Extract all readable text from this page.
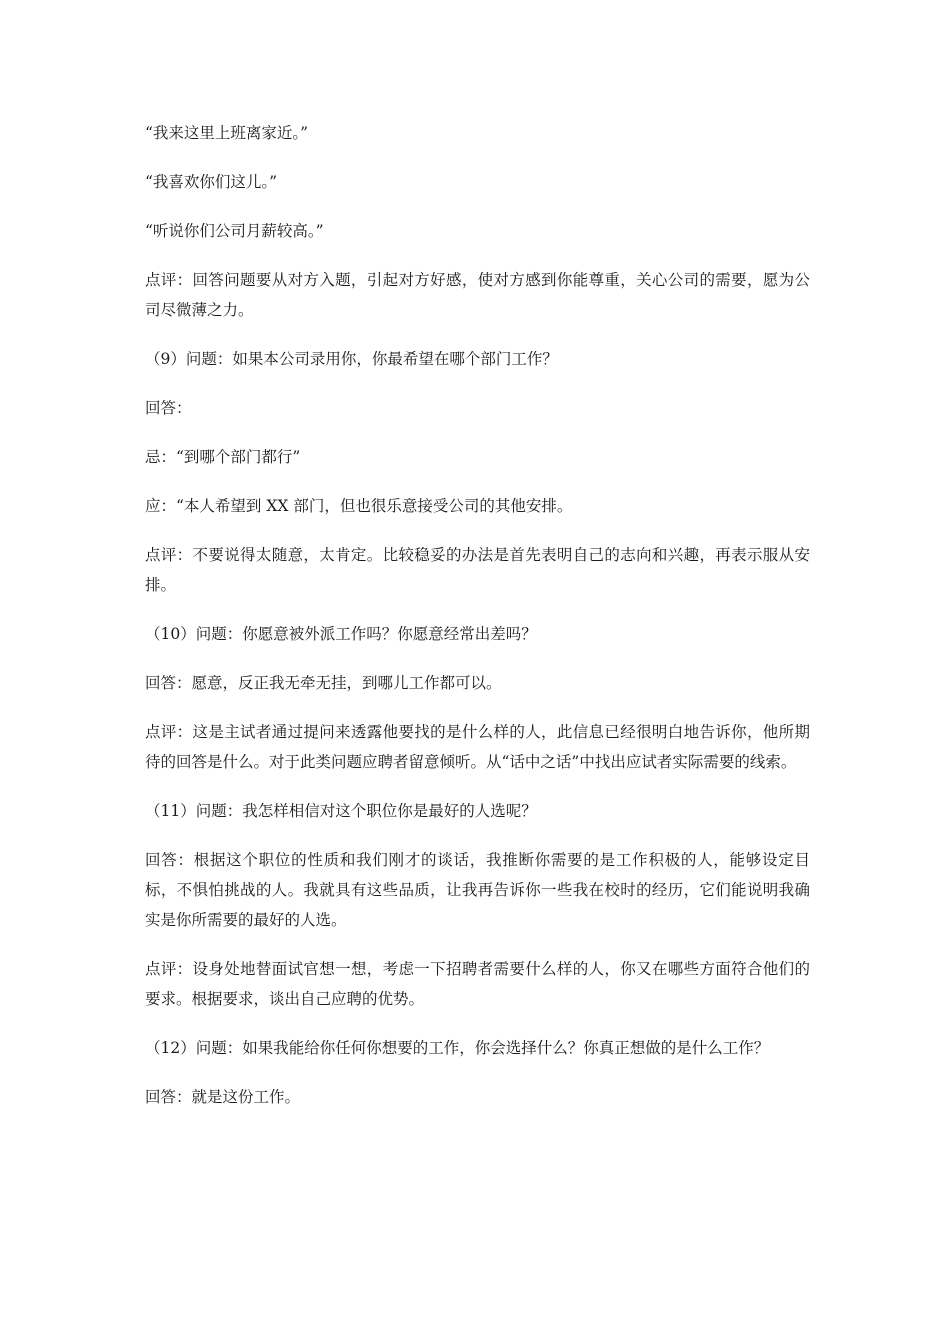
“我来这里上班离家近。”

“我喜欢你们这儿。”

“听说你们公司月薪较高。”

点评：回答问题要从对方入题，引起对方好感，使对方感到你能尊重，关心公司的需要，愿为公司尽微薄之力。

（9）问题：如果本公司录用你，你最希望在哪个部门工作？

回答：

忌：“到哪个部门都行”

应：“本人希望到 XX 部门，但也很乐意接受公司的其他安排。

点评：不要说得太随意，太肯定。比较稳妥的办法是首先表明自己的志向和兴趣，再表示服从安排。

（10）问题：你愿意被外派工作吗？你愿意经常出差吗？

回答：愿意，反正我无牵无挂，到哪儿工作都可以。

点评：这是主试者通过提问来透露他要找的是什么样的人，此信息已经很明白地告诉你，他所期待的回答是什么。对于此类问题应聘者留意倾听。从“话中之话”中找出应试者实际需要的线索。

（11）问题：我怎样相信对这个职位你是最好的人选呢？

回答：根据这个职位的性质和我们刚才的谈话，我推断你需要的是工作积极的人，能够设定目标，不惧怕挑战的人。我就具有这些品质，让我再告诉你一些我在校时的经历，它们能说明我确实是你所需要的最好的人选。

点评：设身处地替面试官想一想，考虑一下招聘者需要什么样的人，你又在哪些方面符合他们的要求。根据要求，谈出自己应聘的优势。

（12）问题：如果我能给你任何你想要的工作，你会选择什么？你真正想做的是什么工作？

回答：就是这份工作。
